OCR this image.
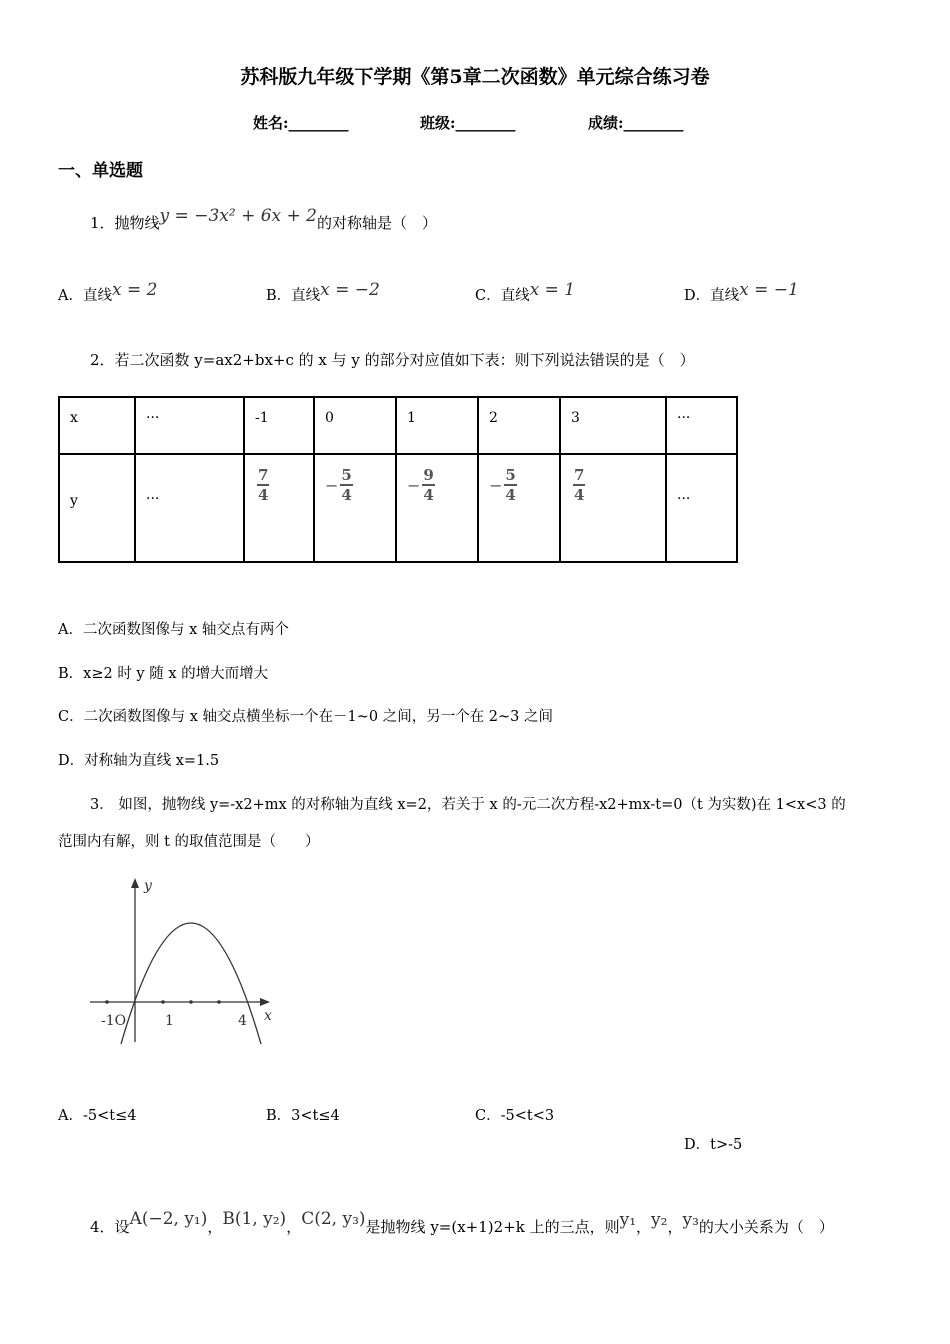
苏科版九年级下学期《第5章二次函数》单元综合练习卷
姓名:________	班级:________	成绩:________
一、单选题
1．抛物线y = −3x² + 6x + 2的对称轴是（　）
A．直线x = 2	B．直线x = −2	C．直线x = 1	D．直线x = −1
2．若二次函数 y=ax2+bx+c 的 x 与 y 的部分对应值如下表：则下列说法错误的是（　）
x	···	-1	0	1	2	3	···
y	···	$\frac{7}{4}$	− $\frac{5}{4}$	− $\frac{9}{4}$	− $\frac{5}{4}$	$\frac{7}{4}$	···
A．二次函数图像与 x 轴交点有两个
B．x≥2 时 y 随 x 的增大而增大
C．二次函数图像与 x 轴交点横坐标一个在－1~0 之间，另一个在 2~3 之间
D．对称轴为直线 x=1.5
3． 如图，抛物线 y=-x2+mx 的对称轴为直线 x=2，若关于 x 的-元二次方程-x2+mx-t=0（t 为实数)在 1<x<3 的
范围内有解，则 t 的取值范围是（　　）
y
x
-1O	1	4
A．-5<t≤4	B．3<t≤4	C．-5<t<3
D．t>-5
4．设A(−2, y₁)，B(1, y₂)，C(2, y₃)是抛物线 y=(x+1)2+k 上的三点，则y₁，y₂，y₃的大小关系为（　）
